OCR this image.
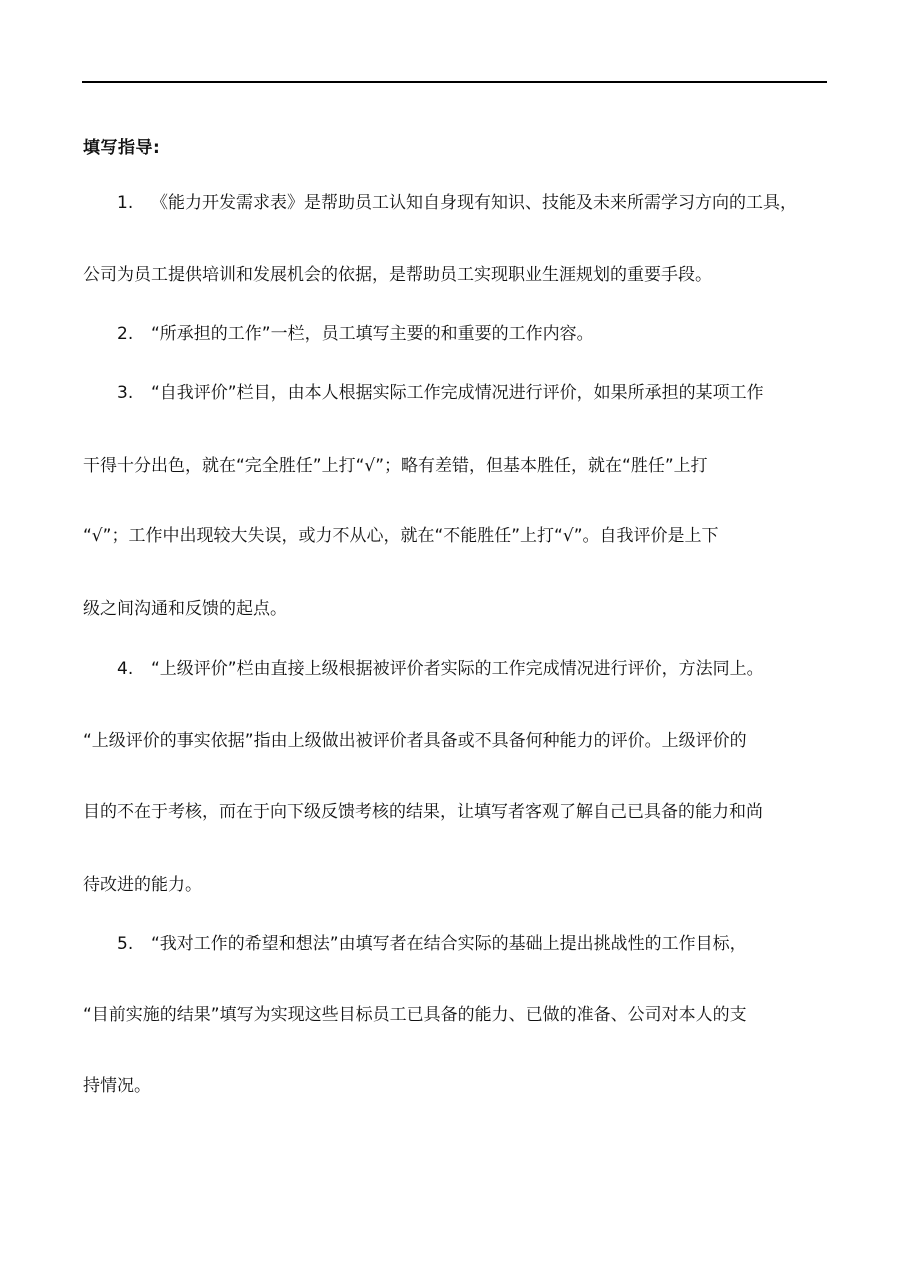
填写指导:
1. 《能力开发需求表》是帮助员工认知自身现有知识、技能及未来所需学习方向的工具，
公司为员工提供培训和发展机会的依据，是帮助员工实现职业生涯规划的重要手段。
2. “所承担的工作”一栏，员工填写主要的和重要的工作内容。
3. “自我评价”栏目，由本人根据实际工作完成情况进行评价，如果所承担的某项工作
干得十分出色，就在“完全胜任”上打“√”；略有差错，但基本胜任，就在“胜任”上打
“√”；工作中出现较大失误，或力不从心，就在“不能胜任”上打“√”。自我评价是上下
级之间沟通和反馈的起点。
4. “上级评价”栏由直接上级根据被评价者实际的工作完成情况进行评价，方法同上。
“上级评价的事实依据”指由上级做出被评价者具备或不具备何种能力的评价。上级评价的
目的不在于考核，而在于向下级反馈考核的结果，让填写者客观了解自己已具备的能力和尚
待改进的能力。
5. “我对工作的希望和想法”由填写者在结合实际的基础上提出挑战性的工作目标，
“目前实施的结果”填写为实现这些目标员工已具备的能力、已做的准备、公司对本人的支
持情况。
